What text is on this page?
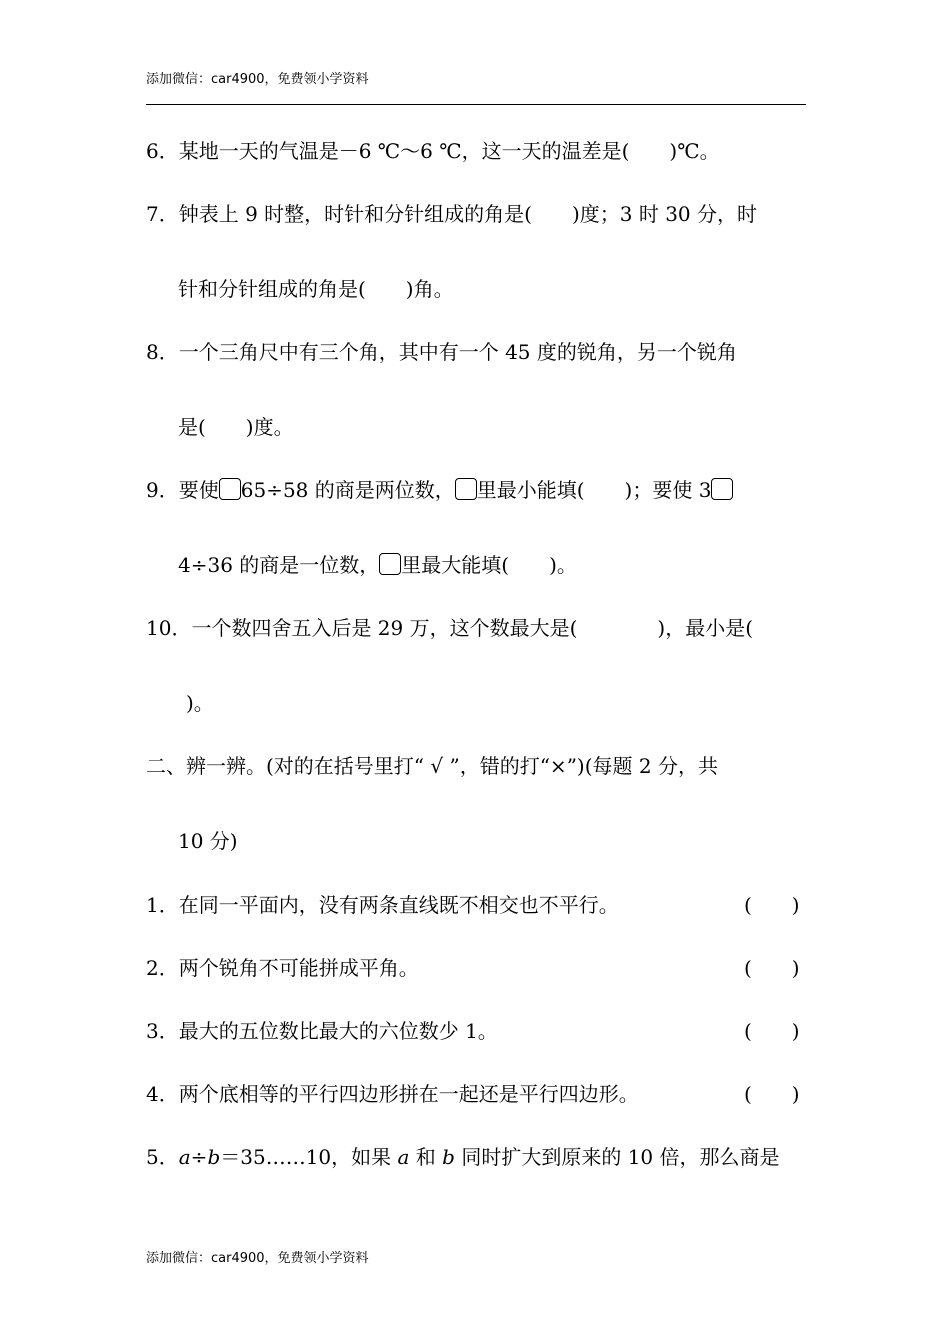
添加微信：car4900，免费领小学资料
6．某地一天的气温是－6 ℃～6 ℃，这一天的温差是(　　)℃。
7．钟表上 9 时整，时针和分针组成的角是(　　)度；3 时 30 分，时
针和分针组成的角是(　　)角。
8．一个三角尺中有三个角，其中有一个 45 度的锐角，另一个锐角
是(　　)度。
9．要使 65÷58 的商是两位数， 里最小能填(　　)；要使 3
4÷36 的商是一位数， 里最大能填(　　)。
10．一个数四舍五入后是 29 万，这个数最大是(　　　　)，最小是(
)。
二、辨一辨。(对的在括号里打“ √ ”，错的打“×”)(每题 2 分，共
10 分)
1．在同一平面内，没有两条直线既不相交也不平行。	(　　)
2．两个锐角不可能拼成平角。	(　　)
3．最大的五位数比最大的六位数少 1。	(　　)
4．两个底相等的平行四边形拼在一起还是平行四边形。	(　　)
5．a÷b＝35……10，如果 a 和 b 同时扩大到原来的 10 倍，那么商是
添加微信：car4900，免费领小学资料
